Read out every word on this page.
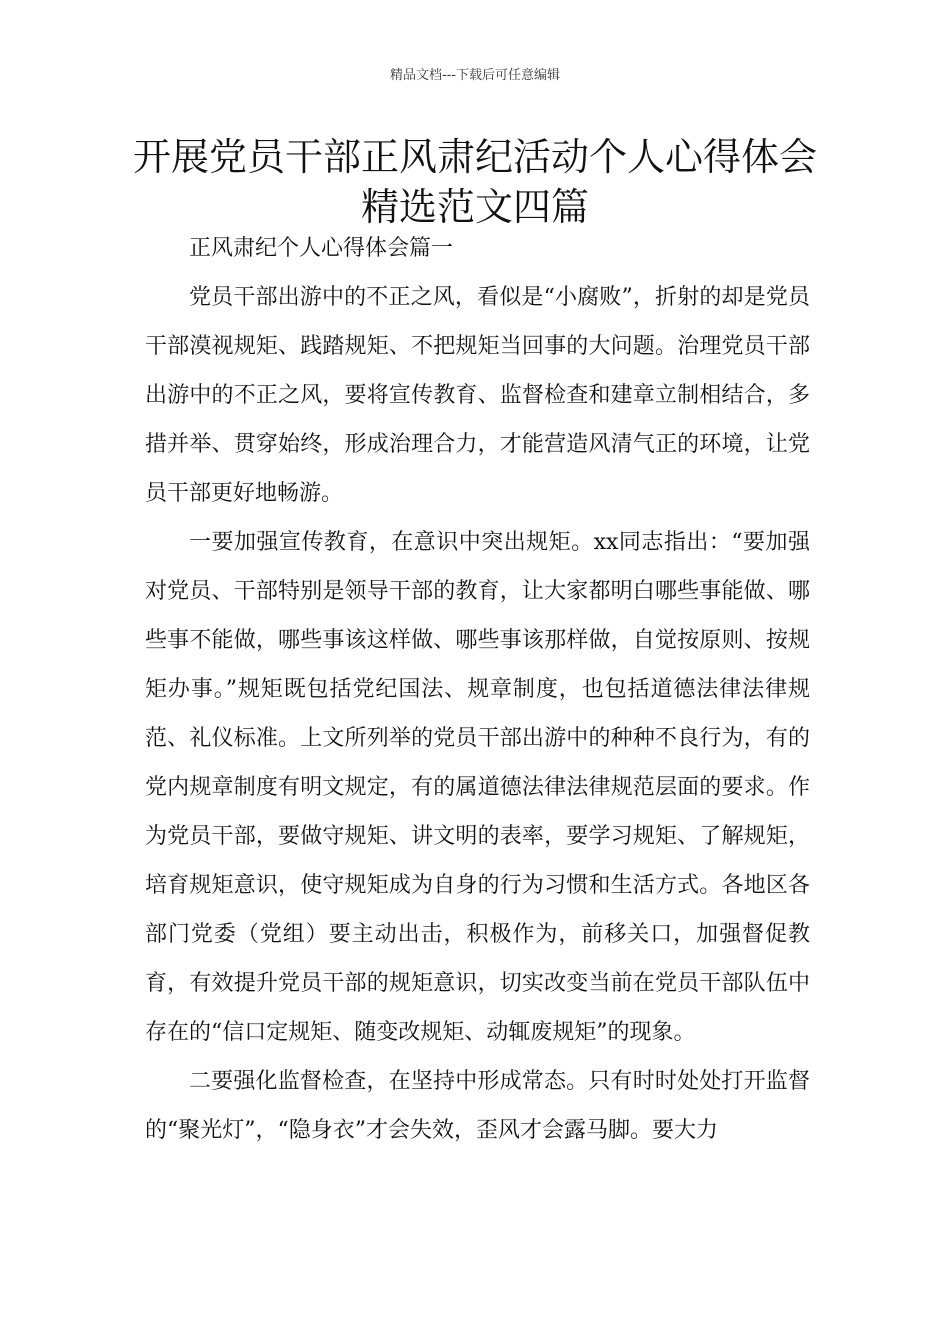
精品文档---下载后可任意编辑
开展党员干部正风肃纪活动个人心得体会精选范文四篇

正风肃纪个人心得体会篇一

党员干部出游中的不正之风，看似是“小腐败”，折射的却是党员干部漠视规矩、践踏规矩、不把规矩当回事的大问题。治理党员干部出游中的不正之风，要将宣传教育、监督检查和建章立制相结合，多措并举、贯穿始终，形成治理合力，才能营造风清气正的环境，让党员干部更好地畅游。

一要加强宣传教育，在意识中突出规矩。xx同志指出：“要加强对党员、干部特别是领导干部的教育，让大家都明白哪些事能做、哪些事不能做，哪些事该这样做、哪些事该那样做，自觉按原则、按规矩办事。”规矩既包括党纪国法、规章制度，也包括道德法律法律规范、礼仪标准。上文所列举的党员干部出游中的种种不良行为，有的党内规章制度有明文规定，有的属道德法律法律规范层面的要求。作为党员干部，要做守规矩、讲文明的表率，要学习规矩、了解规矩，培育规矩意识，使守规矩成为自身的行为习惯和生活方式。各地区各部门党委（党组）要主动出击，积极作为，前移关口，加强督促教育，有效提升党员干部的规矩意识，切实改变当前在党员干部队伍中存在的“信口定规矩、随变改规矩、动辄废规矩”的现象。

二要强化监督检查，在坚持中形成常态。只有时时处处打开监督的“聚光灯”，“隐身衣”才会失效，歪风才会露马脚。要大力
